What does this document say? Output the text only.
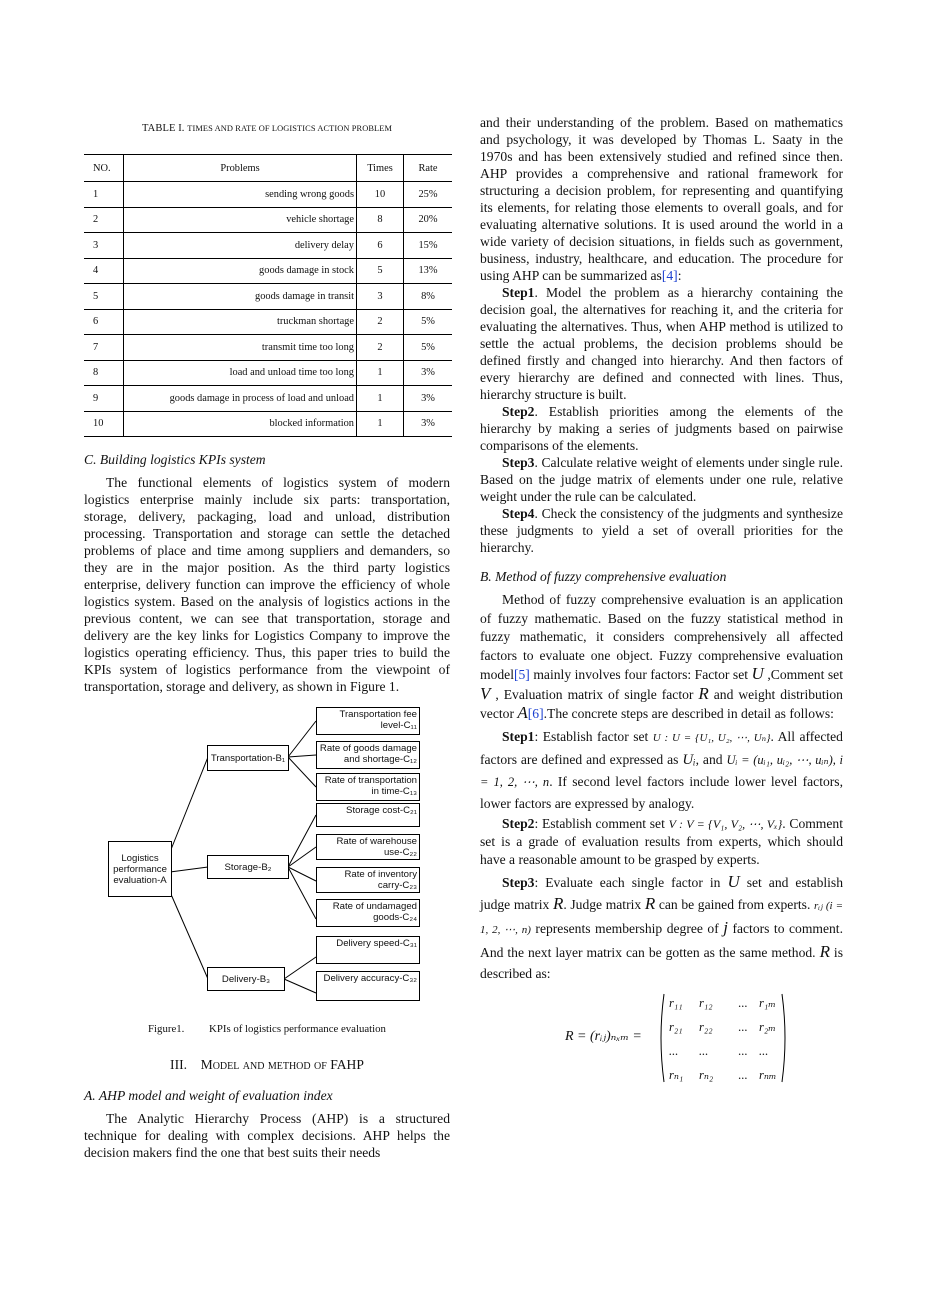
TABLE I. TIMES AND RATE OF LOGISTICS ACTION PROBLEM
NO.	Problems	Times	Rate
1	sending wrong goods	10	25%
2	vehicle shortage	8	20%
3	delivery delay	6	15%
4	goods damage in stock	5	13%
5	goods damage in transit	3	8%
6	truckman shortage	2	5%
7	transmit time too long	2	5%
8	load and unload time too long	1	3%
9	goods damage in process of load and unload	1	3%
10	blocked information	1	3%

C. Building logistics KPIs system

The functional elements of logistics system of modern logistics enterprise mainly include six parts: transportation, storage, delivery, packaging, load and unload, distribution processing. Transportation and storage can settle the detached problems of place and time among suppliers and demanders, so they are in the major position. As the third party logistics enterprise, delivery function can improve the efficiency of whole logistics system. Based on the analysis of logistics actions in the previous content, we can see that transportation, storage and delivery are the key links for Logistics Company to improve the logistics operating efficiency. Thus, this paper tries to build the KPIs system of logistics performance from the viewpoint of transportation, storage and delivery, as shown in Figure 1.

Logistics performance evaluation-A
Transportation-B₁
Storage-B₂
Delivery-B₃
Transportation fee level-C₁₁
Rate of goods damage and shortage-C₁₂
Rate of transportation in time-C₁₃
Storage cost-C₂₁
Rate of warehouse use-C₂₂
Rate of inventory carry-C₂₃
Rate of undamaged goods-C₂₄
Delivery speed-C₃₁
Delivery accuracy-C₃₂
Figure1. KPIs of logistics performance evaluation

III. Model and method of FAHP

A. AHP model and weight of evaluation index

The Analytic Hierarchy Process (AHP) is a structured technique for dealing with complex decisions. AHP helps the decision makers find the one that best suits their needs

and their understanding of the problem. Based on mathematics and psychology, it was developed by Thomas L. Saaty in the 1970s and has been extensively studied and refined since then. AHP provides a comprehensive and rational framework for structuring a decision problem, for representing and quantifying its elements, for relating those elements to overall goals, and for evaluating alternative solutions. It is used around the world in a wide variety of decision situations, in fields such as government, business, industry, healthcare, and education. The procedure for using AHP can be summarized as[4]:

Step1. Model the problem as a hierarchy containing the decision goal, the alternatives for reaching it, and the criteria for evaluating the alternatives. Thus, when AHP method is utilized to settle the actual problems, the decision problems should be defined firstly and changed into hierarchy. And then factors of every hierarchy are defined and connected with lines. Thus, hierarchy structure is built.

Step2. Establish priorities among the elements of the hierarchy by making a series of judgments based on pairwise comparisons of the elements.

Step3. Calculate relative weight of elements under single rule. Based on the judge matrix of elements under one rule, relative weight under the rule can be calculated.

Step4. Check the consistency of the judgments and synthesize these judgments to yield a set of overall priorities for the hierarchy.

B. Method of fuzzy comprehensive evaluation

Method of fuzzy comprehensive evaluation is an application of fuzzy mathematic. Based on the fuzzy statistical method in fuzzy mathematic, it considers comprehensively all affected factors to evaluate one object. Fuzzy comprehensive evaluation model[5] mainly involves four factors: Factor set U ,Comment set V , Evaluation matrix of single factor R and weight distribution vector A[6].The concrete steps are described in detail as follows:

Step1: Establish factor set U : U = {U₁, U₂, ⋯, Uₙ}. All affected factors are defined and expressed as Uᵢ, and Uᵢ = (uᵢ₁, uᵢ₂, ⋯, uᵢₙ), i = 1, 2, ⋯, n. If second level factors include lower level factors, lower factors are expressed by analogy.

Step2: Establish comment set V : V = {V₁, V₂, ⋯, Vₓ}. Comment set is a grade of evaluation results from experts, which should have a reasonable amount to be grasped by experts.

Step3: Evaluate each single factor in U set and establish judge matrix R. Judge matrix R can be gained from experts. rᵢⱼ (i = 1, 2, ⋯, n) represents membership degree of j factors to comment. And the next layer matrix can be gotten as the same method. R is described as:

R = (rᵢⱼ)ₙₓₘ =
r₁₁	r₁₂	...	r₁ₘ
r₂₁	r₂₂	...	r₂ₘ
...	...	...	...
rₙ₁	rₙ₂	...	rₙₘ
